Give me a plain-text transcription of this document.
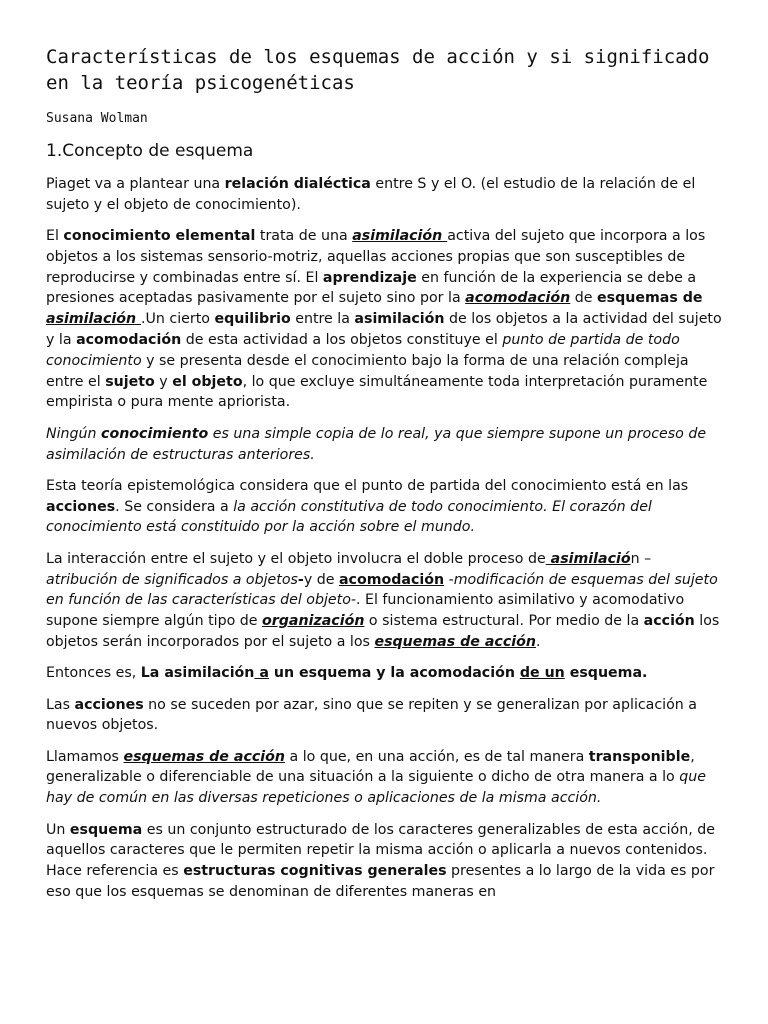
Características de los esquemas de acción y si significado en la teoría psicogenéticas
Susana Wolman
1.Concepto de esquema

Piaget va a plantear una relación dialéctica entre S y el O. (el estudio de la relación de el sujeto y el objeto de conocimiento).

El conocimiento elemental trata de una asimilación activa del sujeto que incorpora a los objetos a los sistemas sensorio-motriz, aquellas acciones propias que son susceptibles de reproducirse y combinadas entre sí. El aprendizaje en función de la experiencia se debe a presiones aceptadas pasivamente por el sujeto sino por la acomodación de esquemas de asimilación .Un cierto equilibrio entre la asimilación de los objetos a la actividad del sujeto y la acomodación de esta actividad a los objetos constituye el punto de partida de todo conocimiento y se presenta desde el conocimiento bajo la forma de una relación compleja entre el sujeto y el objeto, lo que excluye simultáneamente toda interpretación puramente empirista o pura mente apriorista.

Ningún conocimiento es una simple copia de lo real, ya que siempre supone un proceso de asimilación de estructuras anteriores.

Esta teoría epistemológica considera que el punto de partida del conocimiento está en las acciones. Se considera a la acción constitutiva de todo conocimiento. El corazón del conocimiento está constituido por la acción sobre el mundo.

La interacción entre el sujeto y el objeto involucra el doble proceso de asimilación – atribución de significados a objetos-y de acomodación -modificación de esquemas del sujeto en función de las características del objeto-. El funcionamiento asimilativo y acomodativo supone siempre algún tipo de organización o sistema estructural. Por medio de la acción los objetos serán incorporados por el sujeto a los esquemas de acción.

Entonces es, La asimilación a un esquema y la acomodación de un esquema.

Las acciones no se suceden por azar, sino que se repiten y se generalizan por aplicación a nuevos objetos.

Llamamos esquemas de acción a lo que, en una acción, es de tal manera transponible, generalizable o diferenciable de una situación a la siguiente o dicho de otra manera a lo que hay de común en las diversas repeticiones o aplicaciones de la misma acción.

Un esquema es un conjunto estructurado de los caracteres generalizables de esta acción, de aquellos caracteres que le permiten repetir la misma acción o aplicarla a nuevos contenidos. Hace referencia es estructuras cognitivas generales presentes a lo largo de la vida es por eso que los esquemas se denominan de diferentes maneras en
